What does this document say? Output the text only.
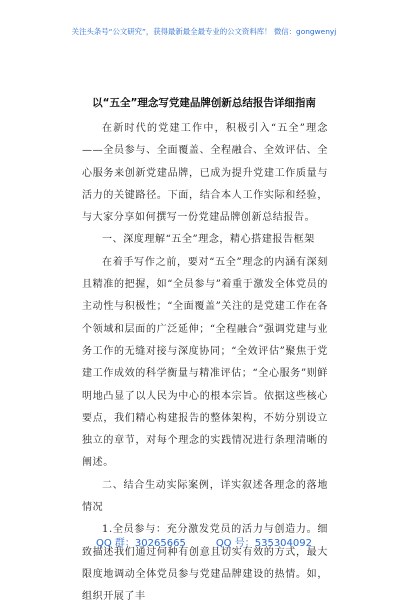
关注头条号“公文研究”，获得最新最全最专业的公文资料库！ 微信：gongwenyj
以“五全”理念写党建品牌创新总结报告详细指南

在新时代的党建工作中，积极引入“五全”理念——全员参与、全面覆盖、全程融合、全效评估、全心服务来创新党建品牌，已成为提升党建工作质量与活力的关键路径。下面，结合本人工作实际和经验，与大家分享如何撰写一份党建品牌创新总结报告。

一、深度理解“五全”理念，精心搭建报告框架

在着手写作之前，要对“五全”理念的内涵有深刻且精准的把握，如“全员参与”着重于激发全体党员的主动性与积极性；“全面覆盖”关注的是党建工作在各个领域和层面的广泛延伸；“全程融合”强调党建与业务工作的无缝对接与深度协同；“全效评估”聚焦于党建工作成效的科学衡量与精准评估；“全心服务”则鲜明地凸显了以人民为中心的根本宗旨。依据这些核心要点，我们精心构建报告的整体架构，不妨分别设立独立的章节，对每个理念的实践情况进行条理清晰的阐述。

二、结合生动实际案例，详实叙述各理念的落地情况

1.全员参与：充分激发党员的活力与创造力。细致描述我们通过何种有创意且切实有效的方式，最大限度地调动全体党员参与党建品牌建设的热情。如，组织开展了丰

QQ 群：30265665	QQ 号：535304092
